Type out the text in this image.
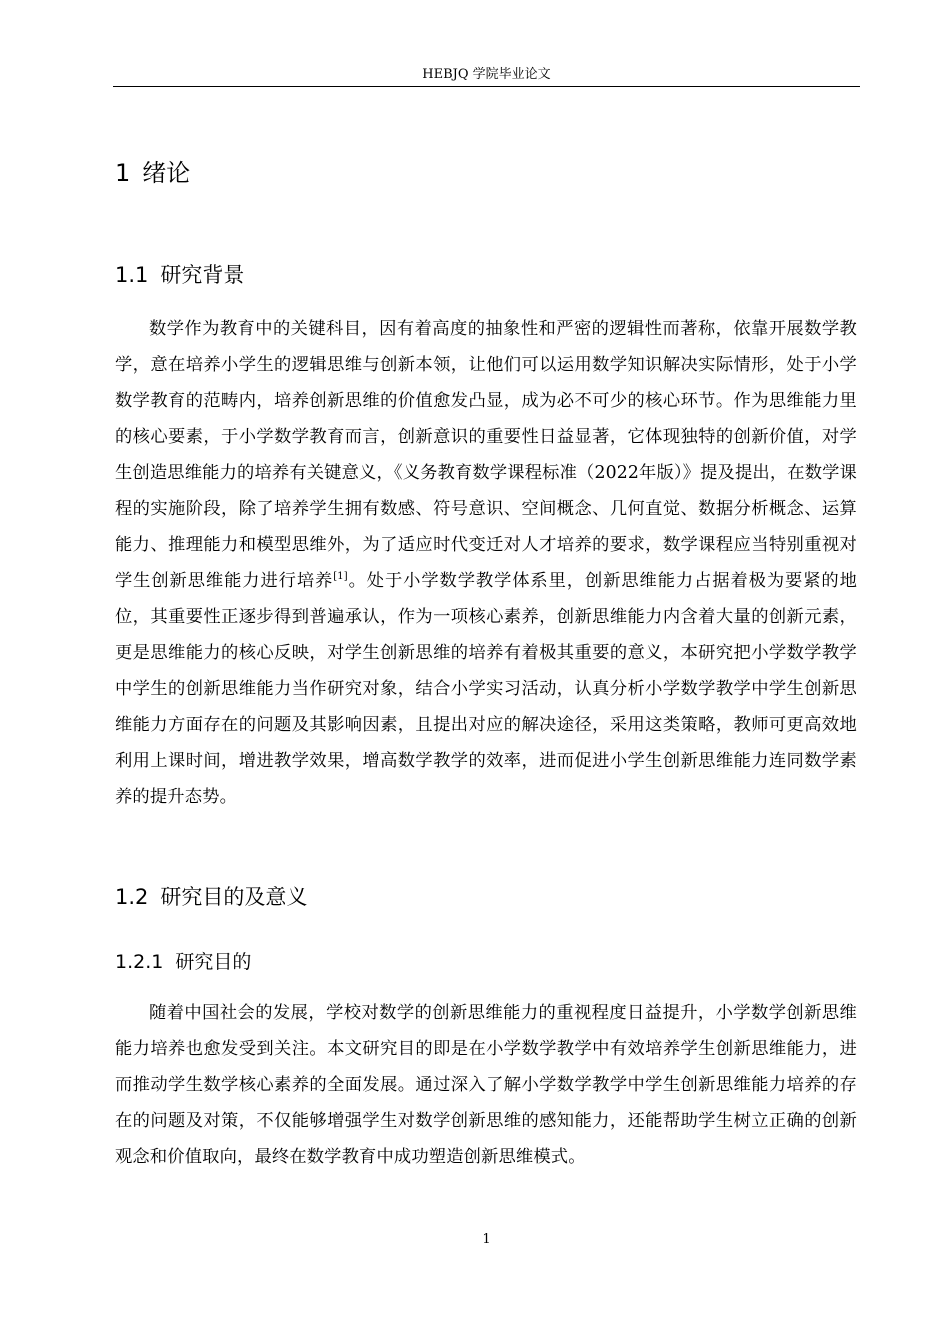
HEBJQ 学院毕业论文
1 绪论
1.1 研究背景

数学作为教育中的关键科目，因有着高度的抽象性和严密的逻辑性而著称，依靠开展数学教学，意在培养小学生的逻辑思维与创新本领，让他们可以运用数学知识解决实际情形，处于小学数学教育的范畴内，培养创新思维的价值愈发凸显，成为必不可少的核心环节。作为思维能力里的核心要素，于小学数学教育而言，创新意识的重要性日益显著，它体现独特的创新价值，对学生创造思维能力的培养有关键意义，《义务教育数学课程标准（2022年版）》提及提出，在数学课程的实施阶段，除了培养学生拥有数感、符号意识、空间概念、几何直觉、数据分析概念、运算能力、推理能力和模型思维外，为了适应时代变迁对人才培养的要求，数学课程应当特别重视对学生创新思维能力进行培养[1]。处于小学数学教学体系里，创新思维能力占据着极为要紧的地位，其重要性正逐步得到普遍承认，作为一项核心素养，创新思维能力内含着大量的创新元素，更是思维能力的核心反映，对学生创新思维的培养有着极其重要的意义，本研究把小学数学教学中学生的创新思维能力当作研究对象，结合小学实习活动，认真分析小学数学教学中学生创新思维能力方面存在的问题及其影响因素，且提出对应的解决途径，采用这类策略，教师可更高效地利用上课时间，增进教学效果，增高数学教学的效率，进而促进小学生创新思维能力连同数学素养的提升态势。

1.2 研究目的及意义
1.2.1 研究目的

随着中国社会的发展，学校对数学的创新思维能力的重视程度日益提升，小学数学创新思维能力培养也愈发受到关注。本文研究目的即是在小学数学教学中有效培养学生创新思维能力，进而推动学生数学核心素养的全面发展。通过深入了解小学数学教学中学生创新思维能力培养的存在的问题及对策，不仅能够增强学生对数学创新思维的感知能力，还能帮助学生树立正确的创新观念和价值取向，最终在数学教育中成功塑造创新思维模式。

1
